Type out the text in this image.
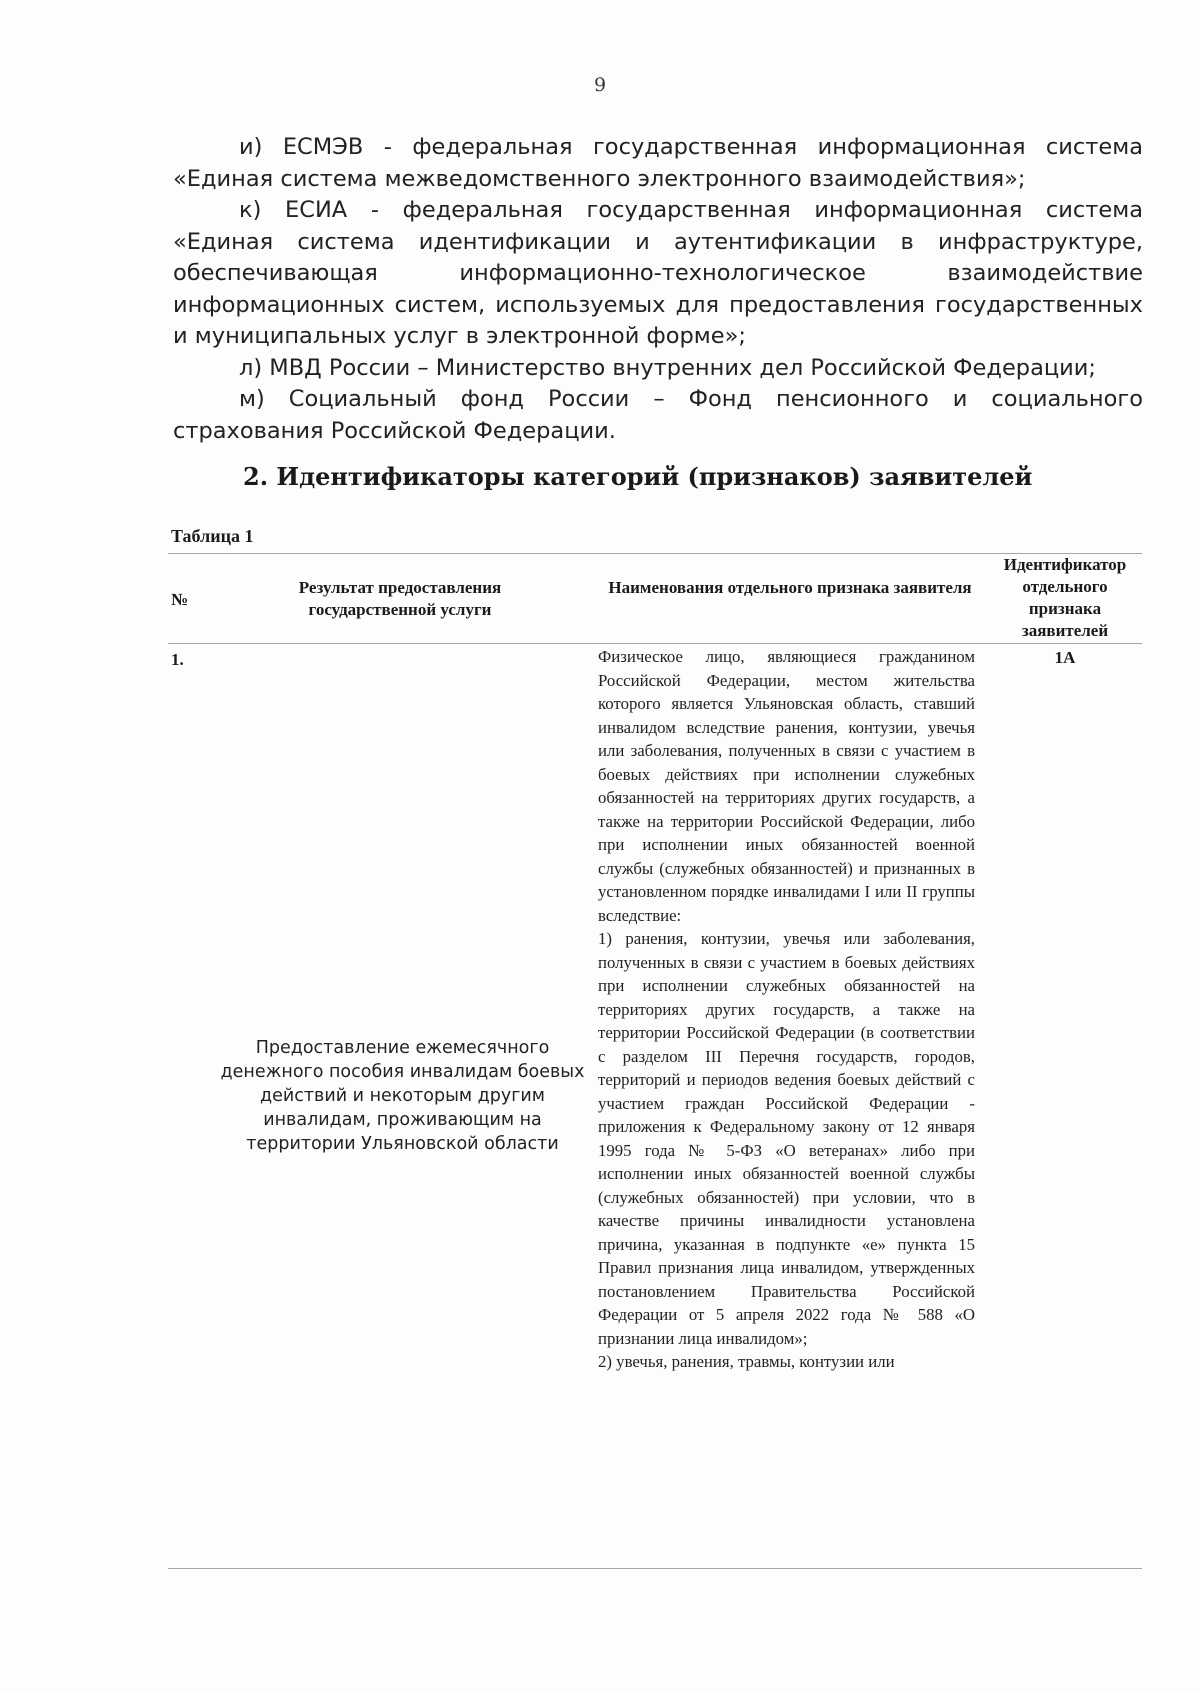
9

и) ЕСМЭВ - федеральная государственная информационная система «Единая система межведомственного электронного взаимодействия»;

к) ЕСИА - федеральная государственная информационная система «Единая система идентификации и аутентификации в инфраструктуре, обеспечивающая информационно-технологическое взаимодействие информационных систем, используемых для предоставления государственных и муниципальных услуг в электронной форме»;

л) МВД России – Министерство внутренних дел Российской Федерации;

м) Социальный фонд России – Фонд пенсионного и социального страхования Российской Федерации.

2. Идентификаторы категорий (признаков) заявителей
Таблица 1
№
Результат предоставления государственной услуги
Наименования отдельного признака заявителя
Идентификатор отдельного признака заявителей
1.
Предоставление ежемесячного денежного пособия инвалидам боевых действий и некоторым другим инвалидам, проживающим на территории Ульяновской области

Физическое лицо, являющиеся гражданином Российской Федерации, местом жительства которого является Ульяновская область, ставший инвалидом вследствие ранения, контузии, увечья или заболевания, полученных в связи с участием в боевых действиях при исполнении служебных обязанностей на территориях других государств, а также на территории Российской Федерации, либо при исполнении иных обязанностей военной службы (служебных обязанностей) и признанных в установленном порядке инвалидами I или II группы вследствие:

1) ранения, контузии, увечья или заболевания, полученных в связи с участием в боевых действиях при исполнении служебных обязанностей на территориях других государств, а также на территории Российской Федерации (в соответствии с разделом III Перечня государств, городов, территорий и периодов ведения боевых действий с участием граждан Российской Федерации - приложения к Федеральному закону от 12 января 1995 года № 5-ФЗ «О ветеранах» либо при исполнении иных обязанностей военной службы (служебных обязанностей) при условии, что в качестве причины инвалидности установлена причина, указанная в подпункте «е» пункта 15 Правил признания лица инвалидом, утвержденных постановлением Правительства Российской Федерации от 5 апреля 2022 года № 588 «О признании лица инвалидом»;

2) увечья, ранения, травмы, контузии или

1А
